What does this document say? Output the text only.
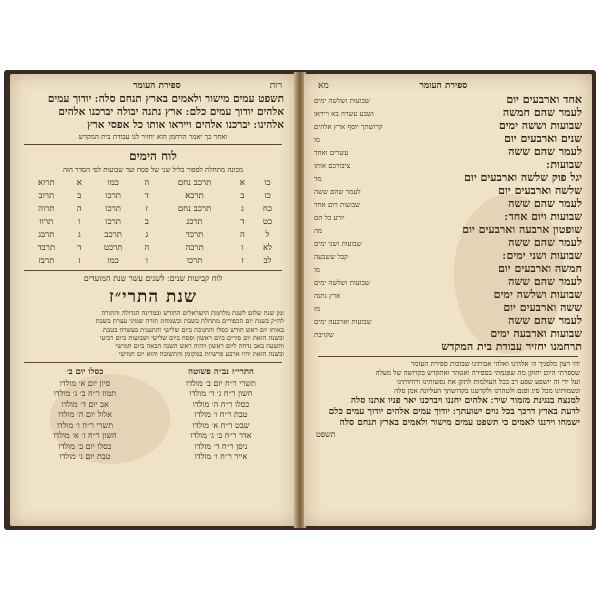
רות
ספירת העומר
תשפט עמים מישור ולאמים בארץ תנחם סלה ׃ יודוך עמים
אלהים יודוך עמים כלם ׃ ארץ נתנה יבולה יברכנו אלהים
אלהינו ׃ יברכנו אלהים וייראו אותו כל אפסי ארץ
ואחר כך יאמר הרחמן הוא יחזיר לנו עבודת בית המקדש
לוח הימים
מכונה מתחלת לספור בליל שני של פסח ועד שבועות לפי הסדר הזה
כו	א	תרכב נחם	ה	כמו	א	תרוא
כז	ב	תרכא	ד	תרכו	ב	תרוב
כח	ג	תרכב נחם	ז	תרכו	ה	תרוה
כט	ד	תרכג	ב	תרכו	ו	תרוו
ל	ה	תרכד	ג	תרכב	ג	תרבג
לא	ו	תרכה	ה	תרכט	ד	תרבד
לב	ז	תרכו	ו	כמו	ז	תרבז
לוח קביעות שנים ׃ לשנים עשר שנת המועדים
שנת התרי״ז
זמן שנת שלום לשנת מלחמת הישראלים החודש ובמדינה הגדולה והתורה
לה״ק בשנת יום הכפורים מתחלת בשבת ובשמחת תורה שמיני עצרת בשבת
באותו יום ראש חודש כסלו והחנוכה ביום שלישי והתענית בעשרה בטבת
ובשנה הזאת יום פורים ביום ראשון ופסח ביום שלישי ושבועות ביום רביעי
ותשעה באב נדחה ליום ראשון ויהיה ראש השנה הבאה ביום חמישי
ובשנה הזאת יהיו ארבע פרשיות במקומן והתשובה והוא יום חמישי
התרי״ז נב״ה פשוטה
תשרי ר״ח יום ב׳ מולדו
חשון ר״ח ג׳ ד׳ מולדו
כסלו ר״ח ה׳ מולדו
טבת ר״ח ו׳ מולדו
שבט ר״ח א׳ מולדו
אדר ר״ח ב׳ ג׳ מולדו
ניסן ר״ח ד׳ מולדו
אייר ר״ח ו׳ מולדו
כסלו יום ב׳
סיון יום א׳ מולדו
תמוז ר״ח ב׳ ג׳ מולדו
אב יום ד׳ מולדו
אלול יום ה׳ מולדו
תשרי ר״ח ו׳ מולדו
חשון ר״ח ז׳ א׳ מולדו
כסלו יום ב׳ מולדו
טבת יום ג׳ מולדו
ספירת העומר
מא
אחד וארבעים יום
שבועות ושלשה ימים
לעמר שהם חמשה
ושבע עשרה בא וייראו
שבועות וששה ימים
קרושתך יוסף ארץ אלהים
שנים וארבעים יום
מו
לעמר שהם ששה
עשרים ואחד
שבועות ׃
ציבורכם אותו
יגל פוק שלשה וארבעים יום
מד
שלשה וארבעים יום
לעמר שהם ששה
לעמר שהם ששה
שבועות ויום אחד
שבועות ויום אחד ׃
יורע כל הם
שופטון ארבעה וארבעים יום
מה
לעמר שהם ששה
שבועות ושני ימים
שבועות ושני ימים ׃
קבל ששבעה
חמשה וארבעים יום
מו
לעמר שהם ששה
שבועות ושלשה ימים
שבועות ושלשה ימים
ארץ נתנה
ששה וארבעים יום
מז
לעמר שהם ששה
שבועות וארבעה ימים
שבועות וארבעה ימים
שקויבת
תרחמנו יחזיר עבודת בית המקדש
יהי רצון מלפניך ה׳ אלהינו ואלהי אבותינו שבזכות ספירת העומר
שספרתי היום יתוקן מה שפגמתי בספירה ואטהר ואתקדש בקדושה של מעלה
ועל ידי זה יושפע שפע רב בכל העולמות לתקן את נפשותינו ורוחותינו
ונשמותינו מכל סיג ופגם ולטהרנו ולקדשנו בקדושתך העליונה אמן סלה
למנצח בנגינת מזמור שיר ׃ אלהים יחננו ויברכנו יאר פניו אתנו סלה
לדעת בארץ דרכך בכל גוים ישועתך ׃ יודוך עמים אלהים יודוך עמים כלם
ישמחו וירננו לאמים כי תשפט עמים מישור ולאמים בארץ תנחם סלה
תשפט
